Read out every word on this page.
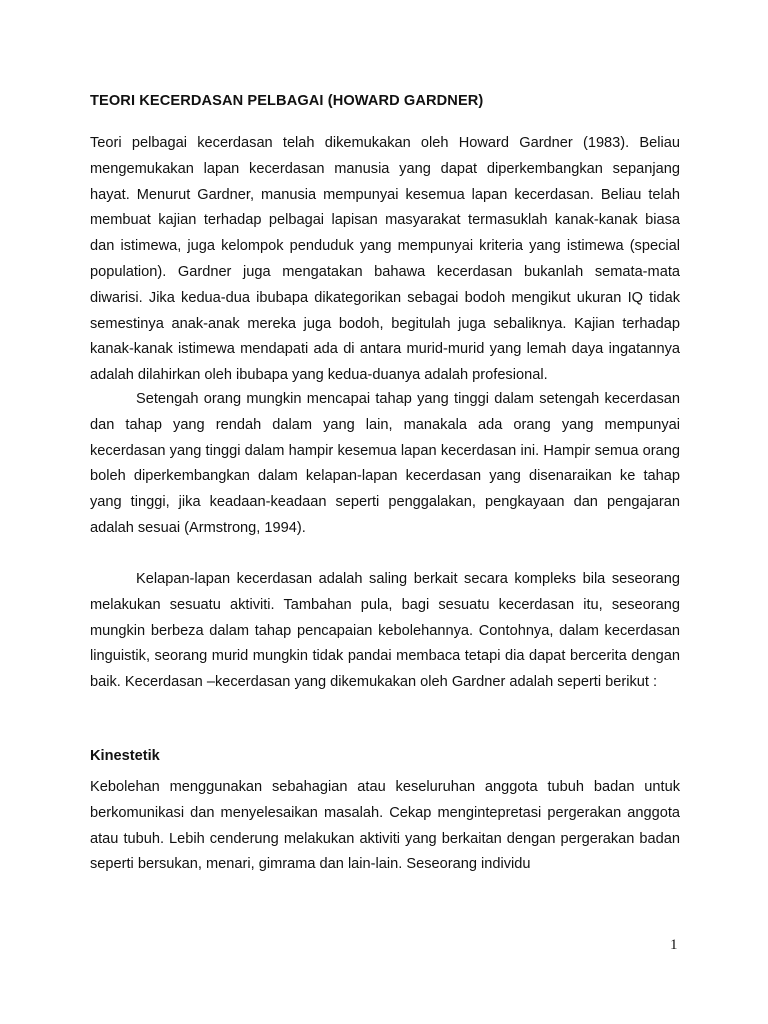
TEORI KECERDASAN PELBAGAI (HOWARD GARDNER)

Teori pelbagai kecerdasan telah dikemukakan oleh Howard Gardner (1983). Beliau mengemukakan lapan kecerdasan manusia yang dapat diperkembangkan sepanjang hayat. Menurut Gardner, manusia mempunyai kesemua lapan kecerdasan. Beliau telah membuat kajian terhadap pelbagai lapisan masyarakat termasuklah kanak-kanak biasa dan istimewa, juga kelompok penduduk yang mempunyai kriteria yang istimewa (special population). Gardner juga mengatakan bahawa kecerdasan bukanlah semata-mata diwarisi. Jika kedua-dua ibubapa dikategorikan sebagai bodoh mengikut ukuran IQ tidak semestinya anak-anak mereka juga bodoh, begitulah juga sebaliknya. Kajian terhadap kanak-kanak istimewa mendapati ada di antara murid-murid yang lemah daya ingatannya adalah dilahirkan oleh ibubapa yang kedua-duanya adalah profesional.

Setengah orang mungkin mencapai tahap yang tinggi dalam setengah kecerdasan dan tahap yang rendah dalam yang lain, manakala ada orang yang mempunyai kecerdasan yang tinggi dalam hampir kesemua lapan kecerdasan ini. Hampir semua orang boleh diperkembangkan dalam kelapan-lapan kecerdasan yang disenaraikan ke tahap yang tinggi, jika keadaan-keadaan seperti penggalakan, pengkayaan dan pengajaran adalah sesuai (Armstrong, 1994).

Kelapan-lapan kecerdasan adalah saling berkait secara kompleks bila seseorang melakukan sesuatu aktiviti. Tambahan pula, bagi sesuatu kecerdasan itu, seseorang mungkin berbeza dalam tahap pencapaian kebolehannya. Contohnya, dalam kecerdasan linguistik, seorang murid mungkin tidak pandai membaca tetapi dia dapat bercerita dengan baik. Kecerdasan –kecerdasan yang dikemukakan oleh Gardner adalah seperti berikut :

Kinestetik

Kebolehan menggunakan sebahagian atau keseluruhan anggota tubuh badan untuk berkomunikasi dan menyelesaikan masalah. Cekap mengintepretasi pergerakan anggota atau tubuh. Lebih cenderung melakukan aktiviti yang berkaitan dengan pergerakan badan seperti bersukan, menari, gimrama dan lain-lain. Seseorang individu

1
